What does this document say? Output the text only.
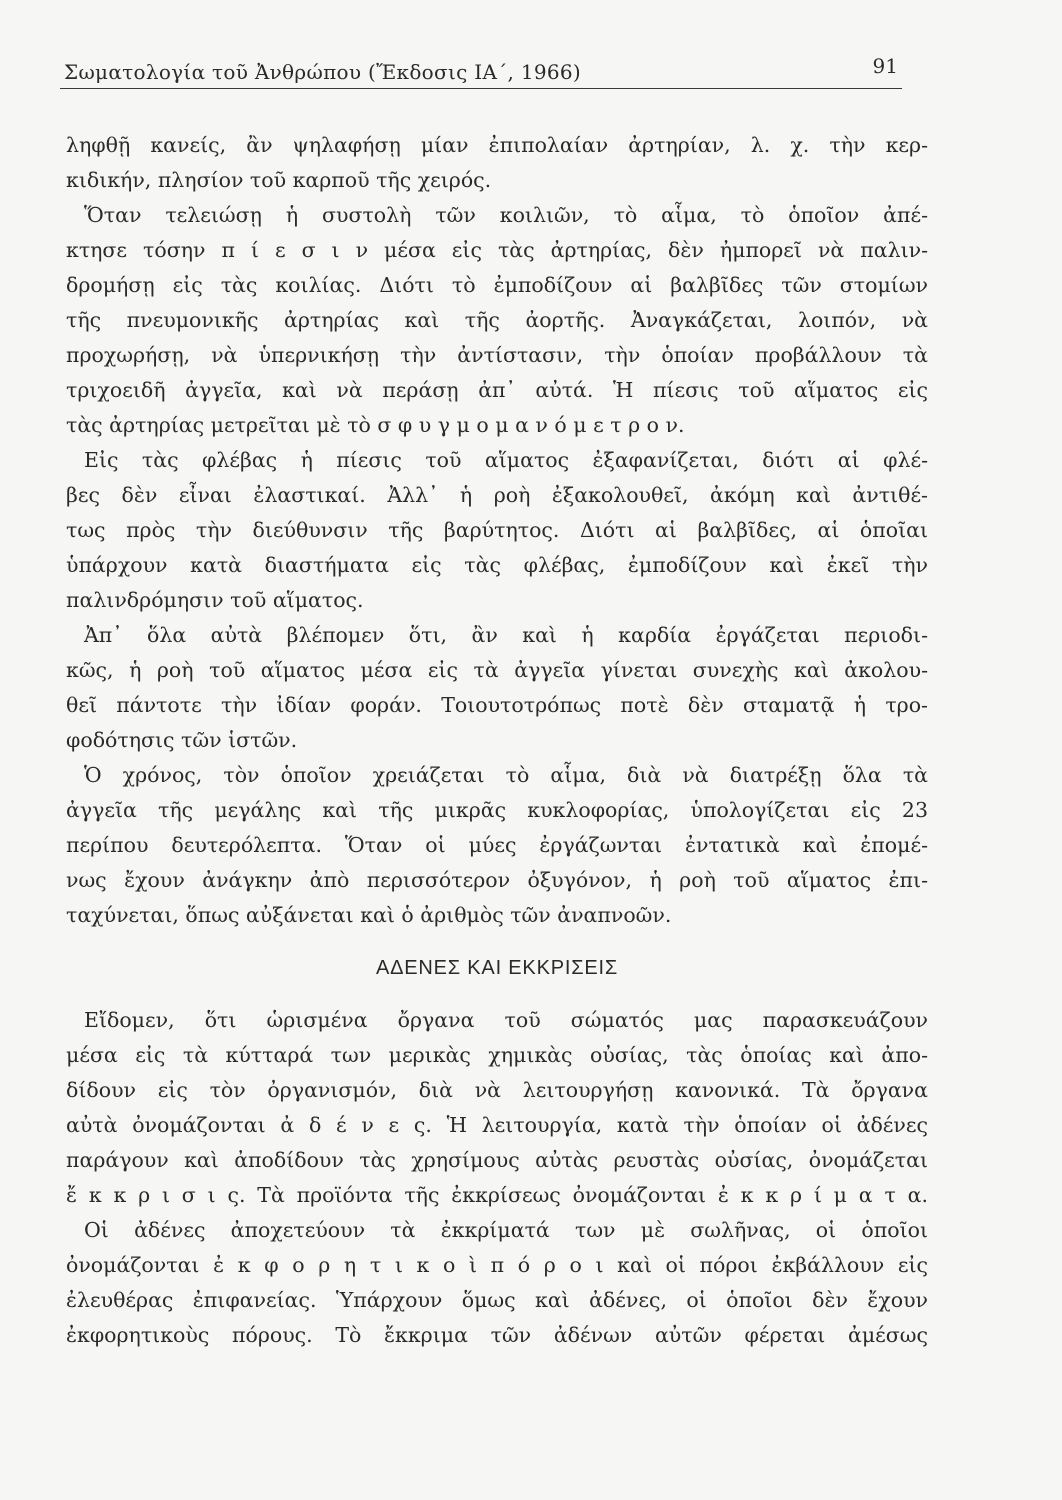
Σωματολογία τοῦ Ἀνθρώπου (Ἔκδοσις ΙΑ΄, 1966)	91
ληφθῇ κανείς, ἂν ψηλαφήσῃ μίαν ἐπιπολαίαν ἀρτηρίαν, λ. χ. τὴν κερ-
κιδικήν, πλησίον τοῦ καρποῦ τῆς χειρός.
Ὅταν τελειώσῃ ἡ συστολὴ τῶν κοιλιῶν, τὸ αἷμα, τὸ ὁποῖον ἀπέ-
κτησε τόσην π ί ε σ ι ν μέσα εἰς τὰς ἀρτηρίας, δὲν ἠμπορεῖ νὰ παλιν-
δρομήσῃ εἰς τὰς κοιλίας. Διότι τὸ ἐμποδίζουν αἱ βαλβῖδες τῶν στομίων
τῆς πνευμονικῆς ἀρτηρίας καὶ τῆς ἀορτῆς. Ἀναγκάζεται, λοιπόν, νὰ
προχωρήσῃ, νὰ ὑπερνικήσῃ τὴν ἀντίστασιν, τὴν ὁποίαν προβάλλουν τὰ
τριχοειδῆ ἀγγεῖα, καὶ νὰ περάσῃ ἀπ᾽ αὐτά. Ἡ πίεσις τοῦ αἵματος εἰς
τὰς ἀρτηρίας μετρεῖται μὲ τὸ σ φ υ γ μ ο μ α ν ό μ ε τ ρ ο ν.
Εἰς τὰς φλέβας ἡ πίεσις τοῦ αἵματος ἐξαφανίζεται, διότι αἱ φλέ-
βες δὲν εἶναι ἐλαστικαί. Ἀλλ᾽ ἡ ροὴ ἐξακολουθεῖ, ἀκόμη καὶ ἀντιθέ-
τως πρὸς τὴν διεύθυνσιν τῆς βαρύτητος. Διότι αἱ βαλβῖδες, αἱ ὁποῖαι
ὑπάρχουν κατὰ διαστήματα εἰς τὰς φλέβας, ἐμποδίζουν καὶ ἐκεῖ τὴν
παλινδρόμησιν τοῦ αἵματος.
Ἀπ᾽ ὅλα αὐτὰ βλέπομεν ὅτι, ἂν καὶ ἡ καρδία ἐργάζεται περιοδι-
κῶς, ἡ ροὴ τοῦ αἵματος μέσα εἰς τὰ ἀγγεῖα γίνεται συνεχὴς καὶ ἀκολου-
θεῖ πάντοτε τὴν ἰδίαν φοράν. Τοιουτοτρόπως ποτὲ δὲν σταματᾷ ἡ τρο-
φοδότησις τῶν ἱστῶν.
Ὁ χρόνος, τὸν ὁποῖον χρειάζεται τὸ αἷμα, διὰ νὰ διατρέξῃ ὅλα τὰ
ἀγγεῖα τῆς μεγάλης καὶ τῆς μικρᾶς κυκλοφορίας, ὑπολογίζεται εἰς 23
περίπου δευτερόλεπτα. Ὅταν οἱ μύες ἐργάζωνται ἐντατικὰ καὶ ἐπομέ-
νως ἔχουν ἀνάγκην ἀπὸ περισσότερον ὀξυγόνον, ἡ ροὴ τοῦ αἵματος ἐπι-
ταχύνεται, ὅπως αὐξάνεται καὶ ὁ ἀριθμὸς τῶν ἀναπνοῶν.
ΑΔΕΝΕΣ ΚΑΙ ΕΚΚΡΙΣΕΙΣ
Εἴδομεν, ὅτι ὡρισμένα ὄργανα τοῦ σώματός μας παρασκευάζουν
μέσα εἰς τὰ κύτταρά των μερικὰς χημικὰς οὐσίας, τὰς ὁποίας καὶ ἀπο-
δίδουν εἰς τὸν ὀργανισμόν, διὰ νὰ λειτουργήσῃ κανονικά. Τὰ ὄργανα
αὐτὰ ὀνομάζονται ἀ δ έ ν ε ς. Ἡ λειτουργία, κατὰ τὴν ὁποίαν οἱ ἀδένες
παράγουν καὶ ἀποδίδουν τὰς χρησίμους αὐτὰς ρευστὰς οὐσίας, ὀνομάζεται
ἔ κ κ ρ ι σ ι ς. Τὰ προϊόντα τῆς ἐκκρίσεως ὀνομάζονται ἐ κ κ ρ ί μ α τ α.
Οἱ ἀδένες ἀποχετεύουν τὰ ἐκκρίματά των μὲ σωλῆνας, οἱ ὁποῖοι
ὀνομάζονται ἐ κ φ ο ρ η τ ι κ ο ὶ π ό ρ ο ι καὶ οἱ πόροι ἐκβάλλουν εἰς
ἐλευθέρας ἐπιφανείας. Ὑπάρχουν ὅμως καὶ ἀδένες, οἱ ὁποῖοι δὲν ἔχουν
ἐκφορητικοὺς πόρους. Τὸ ἔκκριμα τῶν ἀδένων αὐτῶν φέρεται ἀμέσως
